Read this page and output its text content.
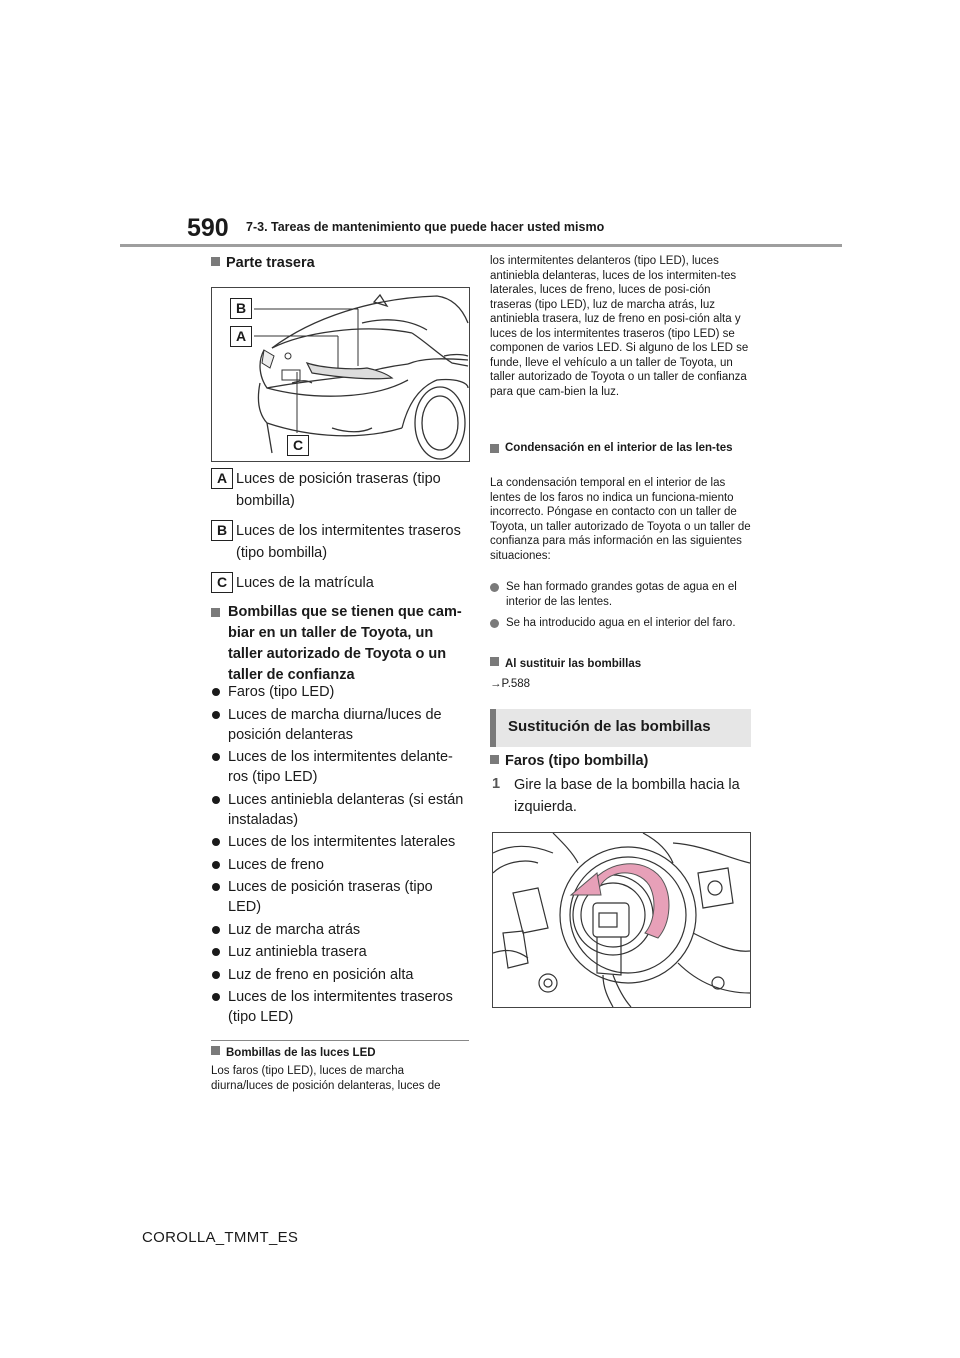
590 7-3. Tareas de mantenimiento que puede hacer usted mismo
Parte trasera
B
A
C
A Luces de posición traseras (tipo bombilla)
B Luces de los intermitentes traseros (tipo bombilla)
C Luces de la matrícula
Bombillas que se tienen que cam-
biar en un taller de Toyota, un
taller autorizado de Toyota o un
taller de confianza
Faros (tipo LED)
Luces de marcha diurna/luces de posición delanteras
Luces de los intermitentes delante-ros (tipo LED)
Luces antiniebla delanteras (si están instaladas)
Luces de los intermitentes laterales
Luces de freno
Luces de posición traseras (tipo LED)
Luz de marcha atrás
Luz antiniebla trasera
Luz de freno en posición alta
Luces de los intermitentes traseros (tipo LED)
Bombillas de las luces LED
Los faros (tipo LED), luces de marcha diurna/luces de posición delanteras, luces de
los intermitentes delanteros (tipo LED), luces antiniebla delanteras, luces de los intermiten-tes laterales, luces de freno, luces de posi-ción traseras (tipo LED), luz de marcha atrás, luz antiniebla trasera, luz de freno en posi-ción alta y luces de los intermitentes traseros (tipo LED) se componen de varios LED. Si alguno de los LED se funde, lleve el vehículo a un taller de Toyota, un taller autorizado de Toyota o un taller de confianza para que cam-bien la luz.
Condensación en el interior de las len-tes
La condensación temporal en el interior de las lentes de los faros no indica un funciona-miento incorrecto. Póngase en contacto con un taller de Toyota, un taller autorizado de Toyota o un taller de confianza para más información en las siguientes situaciones:
Se han formado grandes gotas de agua en el interior de las lentes.
Se ha introducido agua en el interior del faro.
Al sustituir las bombillas
→P.588
Sustitución de las bombillas
Faros (tipo bombilla)
1 Gire la base de la bombilla hacia la izquierda.
COROLLA_TMMT_ES
